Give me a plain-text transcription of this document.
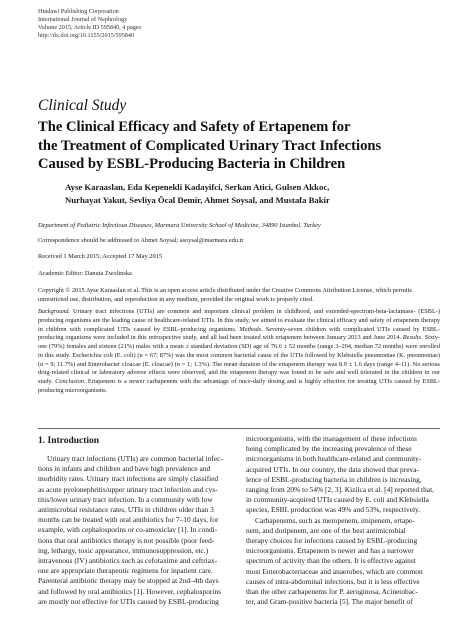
Hindawi Publishing Corporation
International Journal of Nephrology
Volume 2015, Article ID 595840, 4 pages
http://dx.doi.org/10.1155/2015/595840
Clinical Study
The Clinical Efficacy and Safety of Ertapenem for
the Treatment of Complicated Urinary Tract Infections
Caused by ESBL-Producing Bacteria in Children
Ayse Karaaslan, Eda Kepenekli Kadayifci, Serkan Atici, Gulsen Akkoc,
Nurhayat Yakut, Sevliya Öcal Demir, Ahmet Soysal, and Mustafa Bakir
Department of Pediatric Infectious Diseases, Marmara University School of Medicine, 34890 Istanbul, Turkey
Correspondence should be addressed to Ahmet Soysal; asoysal@marmara.edu.tr
Received 1 March 2015; Accepted 17 May 2015
Academic Editor: Danuta Zwolinska
Copyright © 2015 Ayse Karaaslan et al. This is an open access article distributed under the Creative Commons Attribution License, which permits unrestricted use, distribution, and reproduction in any medium, provided the original work is properly cited.
Background. Urinary tract infections (UTIs) are common and important clinical problem in childhood, and extended-spectrum-beta-lactamase- (ESBL-) producing organisms are the leading cause of healthcare-related UTIs. In this study, we aimed to evaluate the clinical efficacy and safety of ertapenem therapy in children with complicated UTIs caused by ESBL-producing organisms. Methods. Seventy-seven children with complicated UTIs caused by ESBL-producing organisms were included in this retrospective study, and all had been treated with ertapenem between January 2013 and June 2014. Results. Sixty-one (79%) females and sixteen (21%) males with a mean ± standard deviation (SD) age of 76.6 ± 52 months (range 3–204, median 72 months) were enrolled in this study. Escherichia coli (E. coli) (n = 67; 87%) was the most common bacterial cause of the UTIs followed by Klebsiella pneumoniae (K. pneumoniae) (n = 9; 11.7%) and Enterobacter cloacae (E. cloacae) (n = 1; 1.3%). The mean duration of the ertapenem therapy was 8.9 ± 1.6 days (range 4–11). No serious drug-related clinical or laboratory adverse effects were observed, and the ertapenem therapy was found to be safe and well tolerated in the children in our study. Conclusion. Ertapenem is a newer carbapenem with the advantage of once-daily dosing and is highly effective for treating UTIs caused by ESBL-producing microorganisms.
1. Introduction
Urinary tract infections (UTIs) are common bacterial infec-
tions in infants and children and have high prevalence and
morbidity rates. Urinary tract infections are simply classified
as acute pyelonephritis/upper urinary tract infection and cys-
titis/lower urinary tract infection. In a community with low
antimicrobial resistance rates, UTIs in children older than 3
months can be treated with oral antibiotics for 7–10 days, for
example, with cephalosporins or co-amoxiclav [1]. In condi-
tions that oral antibiotics therapy is not possible (poor feed-
ing, lethargy, toxic appearance, immunosuppression, etc.)
intravenous (IV) antibiotics such as cefotaxime and ceftriax-
one are appropriate therapeutic regimens for inpatient care.
Parenteral antibiotic therapy may be stopped at 2nd–4th days
and followed by oral antibiotics [1]. However, cephalosporins
are mostly not effective for UTIs caused by ESBL-producing
microorganisms, with the management of these infections
being complicated by the increasing prevalence of these
microorganisms in both healthcare-related and community-
acquired UTIs. In our country, the data showed that preva-
lence of ESBL-producing bacteria in children is increasing,
ranging from 20% to 54% [2, 3]. Kizilca et al. [4] reported that,
in community-acquired UTIs caused by E. coli and Klebsiella
species, ESBL production was 49% and 53%, respectively.
Carbapenems, such as meropenem, imipenem, ertape-
nem, and doripenem, are one of the best antimicrobial
therapy choices for infections caused by ESBL-producing
microorganisms. Ertapenem is newer and has a narrower
spectrum of activity than the others. It is effective against
most Enterobacteriaceae and anaerobes, which are common
causes of intra-abdominal infections, but it is less effective
than the other carbapenems for P. aeruginosa, Acinetobac-
ter, and Gram-positive bacteria [5]. The major benefit of
